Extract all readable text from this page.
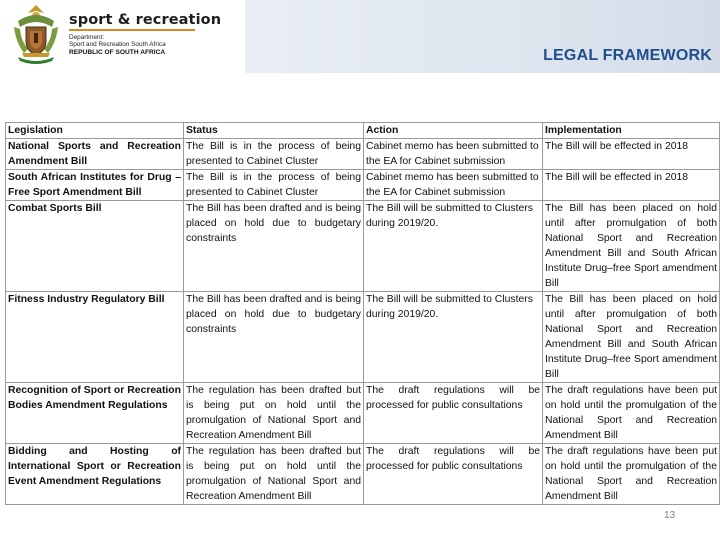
sport & recreation
Department:
Sport and Recreation South Africa
REPUBLIC OF SOUTH AFRICA	LEGAL FRAMEWORK
Legislation	Status	Action	Implementation
National Sports and Recreation Amendment Bill	The Bill is in the process of being presented to Cabinet Cluster	Cabinet memo has been submitted to the EA for Cabinet submission	The Bill will be effected in 2018
South African Institutes for Drug – Free Sport Amendment Bill	The Bill is in the process of being presented to Cabinet Cluster	Cabinet memo has been submitted to the EA for Cabinet submission	The Bill will be effected in 2018
Combat Sports Bill	The Bill has been drafted and is being placed on hold due to budgetary constraints	The Bill will be submitted to Clusters during 2019/20.	The Bill has been placed on hold until after promulgation of both National Sport and Recreation Amendment Bill and South African Institute Drug–free Sport amendment Bill
Fitness Industry Regulatory Bill	The Bill has been drafted and is being placed on hold due to budgetary constraints	The Bill will be submitted to Clusters during 2019/20.	The Bill has been placed on hold until after promulgation of both National Sport and Recreation Amendment Bill and South African Institute Drug–free Sport amendment Bill
Recognition of Sport or Recreation Bodies Amendment Regulations	The regulation has been drafted but is being put on hold until the promulgation of National Sport and Recreation Amendment Bill	The draft regulations will be processed for public consultations	The draft regulations have been put on hold until the promulgation of the National Sport and Recreation Amendment Bill
Bidding and Hosting of International Sport or Recreation Event Amendment Regulations	The regulation has been drafted but is being put on hold until the promulgation of National Sport and Recreation Amendment Bill	The draft regulations will be processed for public consultations	The draft regulations have been put on hold until the promulgation of the National Sport and Recreation Amendment Bill
13
